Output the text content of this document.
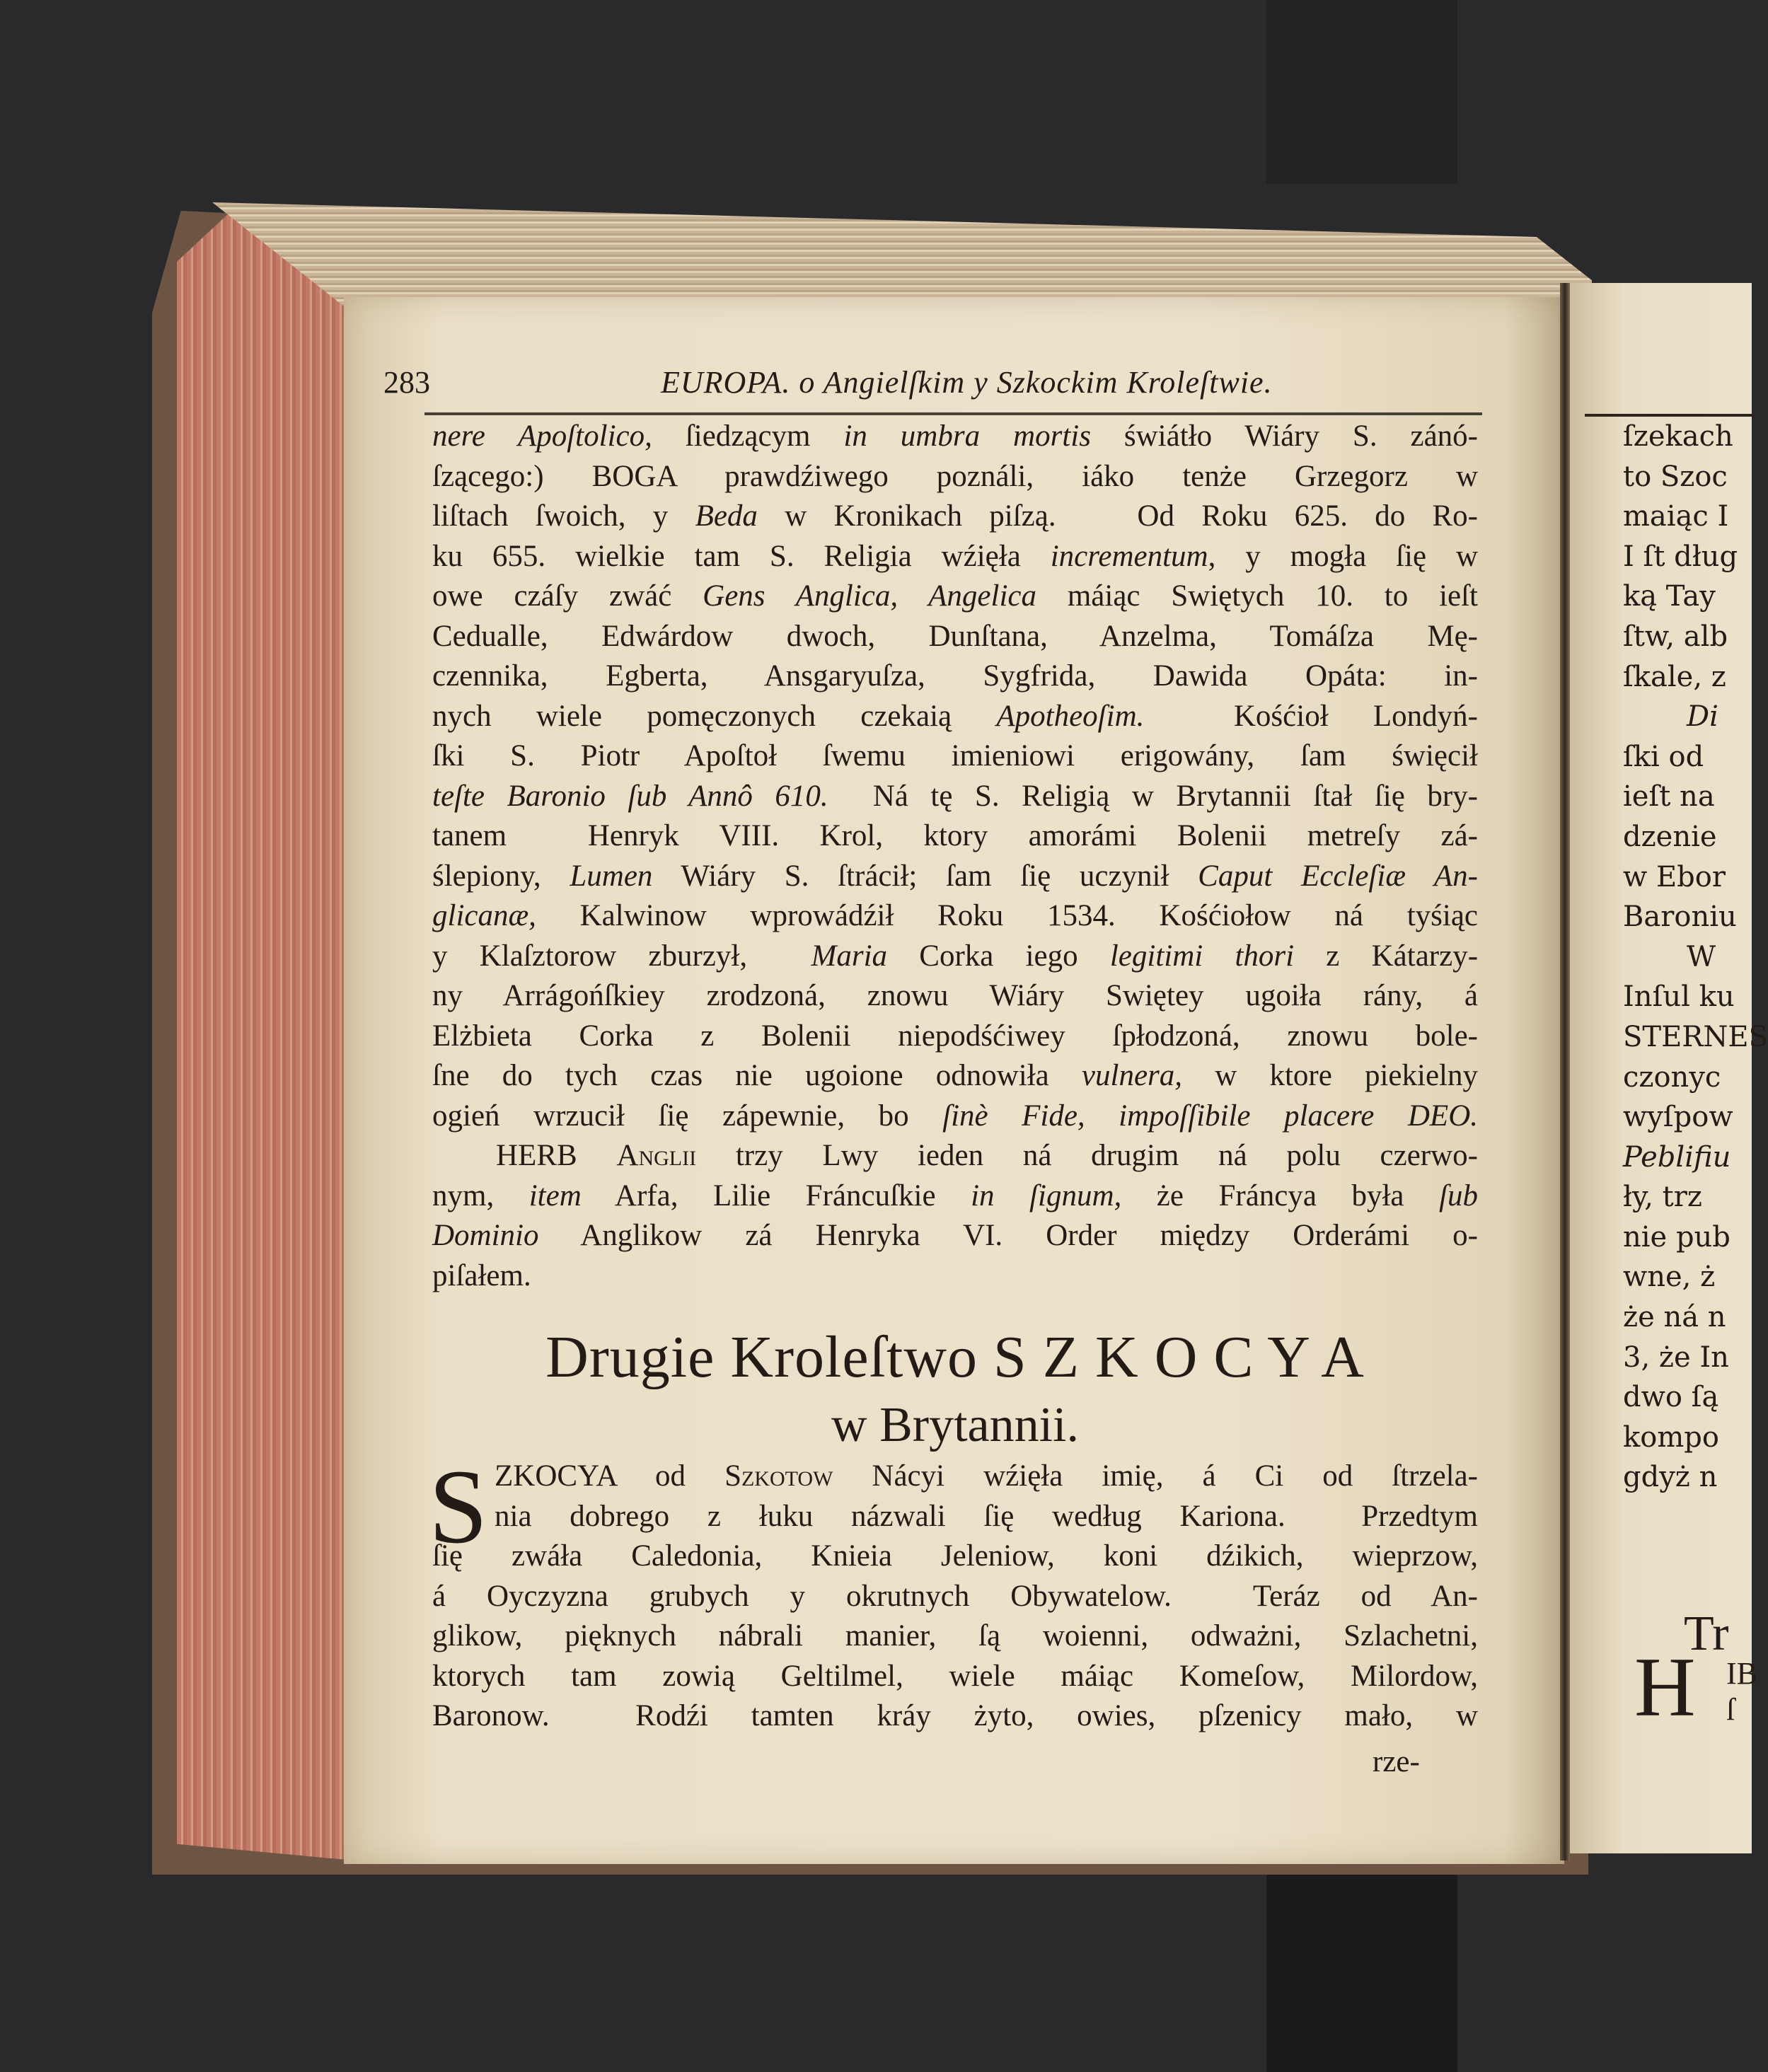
283	EUROPA. o Angielſkim y Szkockim Kroleſtwie.
nere Apoſtolico, ſiedzącym in umbra mortis świátło Wiáry S. zánó-
ſzącego:) BOGA prawdźiwego poználi, iáko tenże Grzegorz w
liſtach ſwoich, y Beda w Kronikach piſzą.   Od Roku 625. do Ro-
ku 655. wielkie tam S. Religia wźięła incrementum, y mogła ſię w
owe czáſy zwáć Gens Anglica, Angelica máiąc Swiętych 10. to ieſt
Cedualle, Edwárdow dwoch, Dunſtana, Anzelma, Tomáſza Mę-
czennika, Egberta, Ansgaryuſza, Sygfrida, Dawida Opáta: in-
nych wiele pomęczonych czekaią Apotheoſim.  Kośćioł Londyń-
ſki S. Piotr Apoſtoł ſwemu imieniowi erigowány, ſam święcił
teſte Baronio ſub Annô 610.  Ná tę S. Religią w Brytannii ſtał ſię bry-
tanem  Henryk VIII. Krol, ktory amorámi Bolenii metreſy zá-
ślepiony, Lumen Wiáry S. ſtrácił; ſam ſię uczynił Caput Eccleſiæ An-
glicanæ, Kalwinow wprowádźił Roku 1534. Kośćiołow ná tyśiąc
y Klaſztorow zburzył,  Maria Corka iego legitimi thori z Kátarzy-
ny Arrágońſkiey zrodzoná, znowu Wiáry Swiętey ugoiła rány, á
Elżbieta Corka z Bolenii niepodśćiwey ſpłodzoná, znowu bole-
ſne do tych czas nie ugoione odnowiła vulnera, w ktore piekielny
ogień wrzucił ſię zápewnie, bo ſinè Fide, impoſſibile placere DEO.
HERB Anglii trzy Lwy ieden ná drugim ná polu czerwo-
nym, item Arfa, Lilie Fráncuſkie in ſignum, że Fráncya była ſub
Dominio Anglikow zá Henryka VI. Order między Orderámi o-
piſałem.
Drugie Kroleſtwo S Z K O C Y A
w Brytannii.
S ZKOCYA od Szkotow Nácyi wźięła imię, á Ci od ſtrzela-
nia dobrego z łuku názwali ſię według Kariona.  Przedtym
ſię zwáła Caledonia, Knieia Jeleniow, koni dźikich, wieprzow,
á Oyczyzna grubych y okrutnych Obywatelow.  Teráz od An-
glikow, pięknych nábrali manier, ſą woienni, odważni, Szlachetni,
ktorych tam zowią Geltilmel, wiele máiąc Komeſow, Milordow,
Baronow.  Rodźi tamten kráy żyto, owies, pſzenicy mało, w
rze-
ſzekach
to Szoc
maiąc I
I ſt dług
ką Tay
ſtw, alb
ſkale, z
Di
ſki od
ieſt na
dzenie
w Ebor
Baroniu
W
Inſul ku
STERNES
czonyc
wyſpow
Peblifiu
ły, trz
nie pub
wne, ż
że ná n
3, że In
dwo ſą
kompo
gdyż n
Tr
H IB
ſ
